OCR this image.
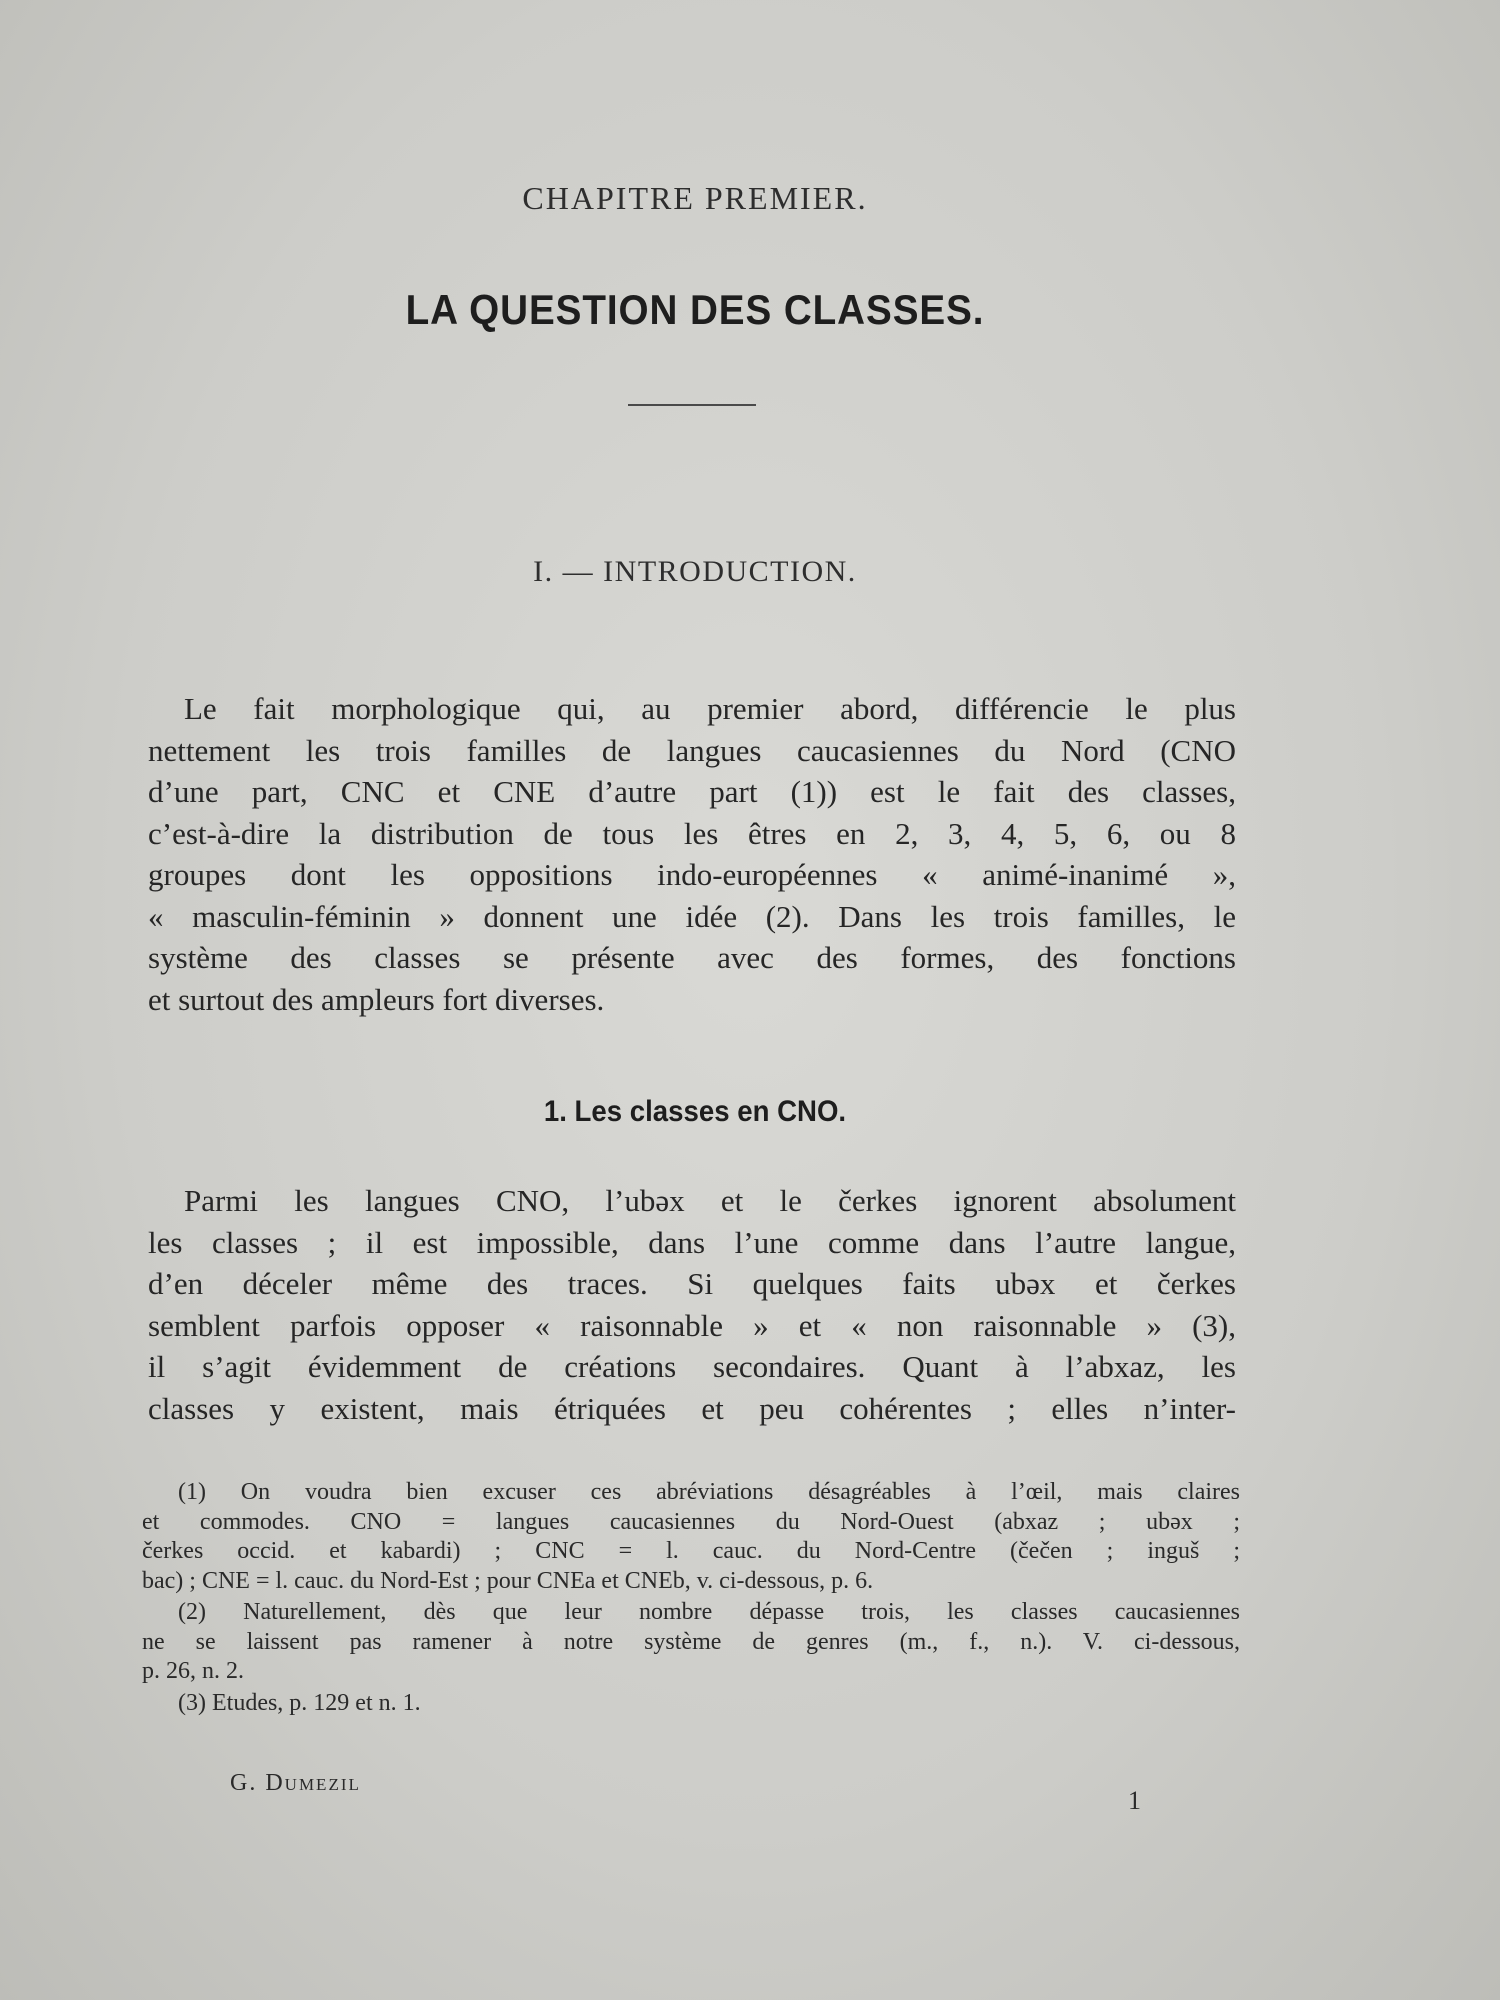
CHAPITRE PREMIER.
LA QUESTION DES CLASSES.
I. — INTRODUCTION.
Le fait morphologique qui, au premier abord, différencie le plus
nettement les trois familles de langues caucasiennes du Nord (CNO
d’une part, CNC et CNE d’autre part (1)) est le fait des classes,
c’est-à-dire la distribution de tous les êtres en 2, 3, 4, 5, 6, ou 8
groupes dont les oppositions indo-européennes « animé-inanimé »,
« masculin-féminin » donnent une idée (2). Dans les trois familles, le
système des classes se présente avec des formes, des fonctions
et surtout des ampleurs fort diverses.
1. Les classes en CNO.
Parmi les langues CNO, l’ubəx et le čerkes ignorent absolument
les classes ; il est impossible, dans l’une comme dans l’autre langue,
d’en déceler même des traces. Si quelques faits ubəx et čerkes
semblent parfois opposer « raisonnable » et « non raisonnable » (3),
il s’agit évidemment de créations secondaires. Quant à l’abxaz, les
classes y existent, mais étriquées et peu cohérentes ; elles n’inter-
(1) On voudra bien excuser ces abréviations désagréables à l’œil, mais claires
et commodes. CNO = langues caucasiennes du Nord-Ouest (abxaz ; ubəx ;
čerkes occid. et kabardi) ; CNC = l. cauc. du Nord-Centre (čečen ; inguš ;
bac) ; CNE = l. cauc. du Nord-Est ; pour CNEa et CNEb, v. ci-dessous, p. 6.
(2) Naturellement, dès que leur nombre dépasse trois, les classes caucasiennes
ne se laissent pas ramener à notre système de genres (m., f., n.). V. ci-dessous,
p. 26, n. 2.
(3) Etudes, p. 129 et n. 1.
G. Dumezil
1
